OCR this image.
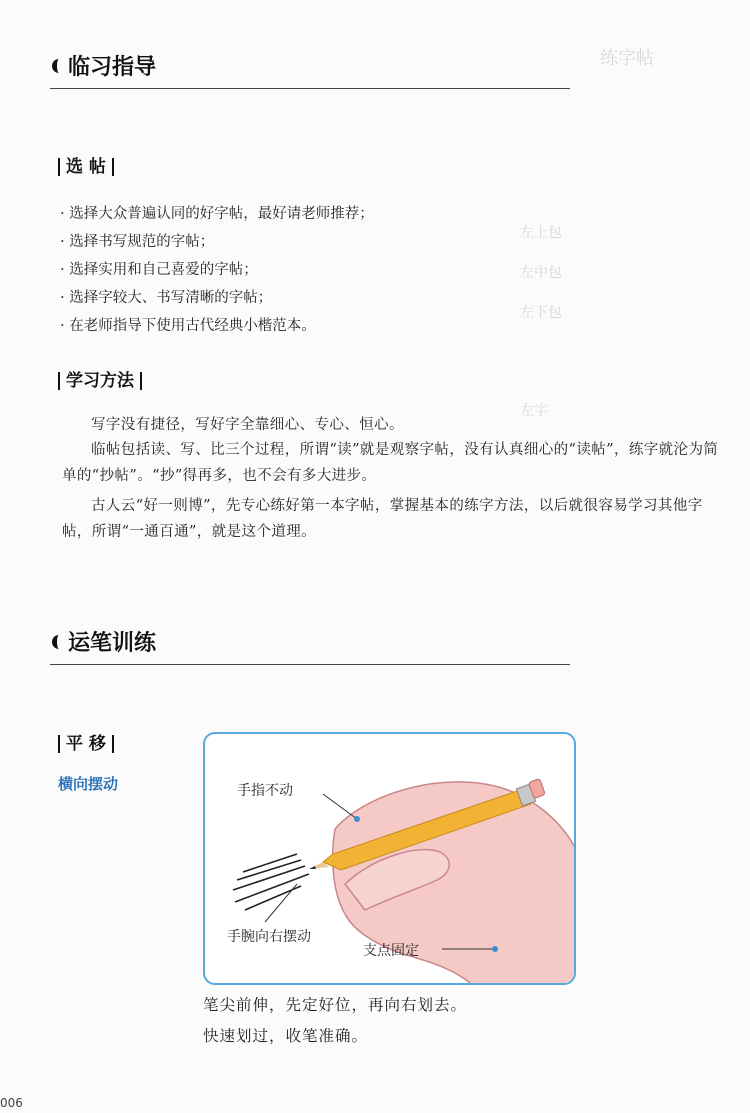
练字帖
左上包
左中包
左下包
左字
临习指导
选 帖
· 选择大众普遍认同的好字帖，最好请老师推荐；
· 选择书写规范的字帖；
· 选择实用和自己喜爱的字帖；
· 选择字较大、书写清晰的字帖；
· 在老师指导下使用古代经典小楷范本。
学习方法

写字没有捷径，写好字全靠细心、专心、恒心。

临帖包括读、写、比三个过程，所谓“读”就是观察字帖，没有认真细心的“读帖”，练字就沦为简单的“抄帖”。“抄”得再多，也不会有多大进步。

古人云“好一则博”，先专心练好第一本字帖，掌握基本的练字方法，以后就很容易学习其他字帖，所谓“一通百通”，就是这个道理。

运笔训练
平 移
横向摆动	手指不动
手腕向右摆动
支点固定
笔尖前伸，先定好位，再向右划去。
快速划过，收笔准确。
006
